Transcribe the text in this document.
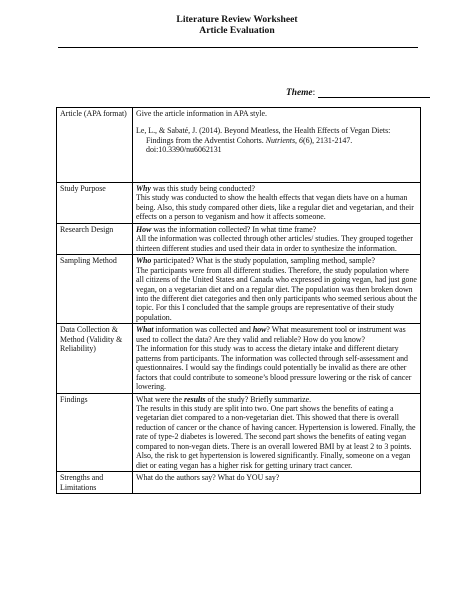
Literature Review Worksheet
Article Evaluation
Theme:
Article (APA format)	Give the article information in APA style.
Le, L., & Sabaté, J. (2014). Beyond Meatless, the Health Effects of Vegan Diets: Findings from the Adventist Cohorts. Nutrients, 6(6), 2131-2147. doi:10.3390/nu6062131

Study Purpose	Why was this study being conducted?
This study was conducted to show the health effects that vegan diets have on a human being. Also, this study compared other diets, like a regular diet and vegetarian, and their effects on a person to veganism and how it affects someone.

Research Design	How was the information collected? In what time frame?
All the information was collected through other articles/ studies. They grouped together thirteen different studies and used their data in order to synthesize the information.

Sampling Method	Who participated? What is the study population, sampling method, sample?
The participants were from all different studies. Therefore, the study population where all citizens of the United States and Canada who expressed in going vegan, had just gone vegan, on a vegetarian diet and on a regular diet. The population was then broken down into the different diet categories and then only participants who seemed serious about the topic. For this I concluded that the sample groups are representative of their study population.

Data Collection & Method (Validity & Reliability)	What information was collected and how? What measurement tool or instrument was used to collect the data? Are they valid and reliable? How do you know?
The information for this study was to access the dietary intake and different dietary patterns from participants. The information was collected through self-assessment and questionnaires. I would say the findings could potentially be invalid as there are other factors that could contribute to someone’s blood pressure lowering or the risk of cancer lowering.

Findings	What were the results of the study? Briefly summarize.
The results in this study are split into two. One part shows the benefits of eating a vegetarian diet compared to a non-vegetarian diet. This showed that there is overall reduction of cancer or the chance of having cancer. Hypertension is lowered. Finally, the rate of type-2 diabetes is lowered. The second part shows the benefits of eating vegan compared to non-vegan diets. There is an overall lowered BMI by at least 2 to 3 points. Also, the risk to get hypertension is lowered significantly. Finally, someone on a vegan diet or eating vegan has a higher risk for getting urinary tract cancer.

Strengths and Limitations	What do the authors say? What do YOU say?
